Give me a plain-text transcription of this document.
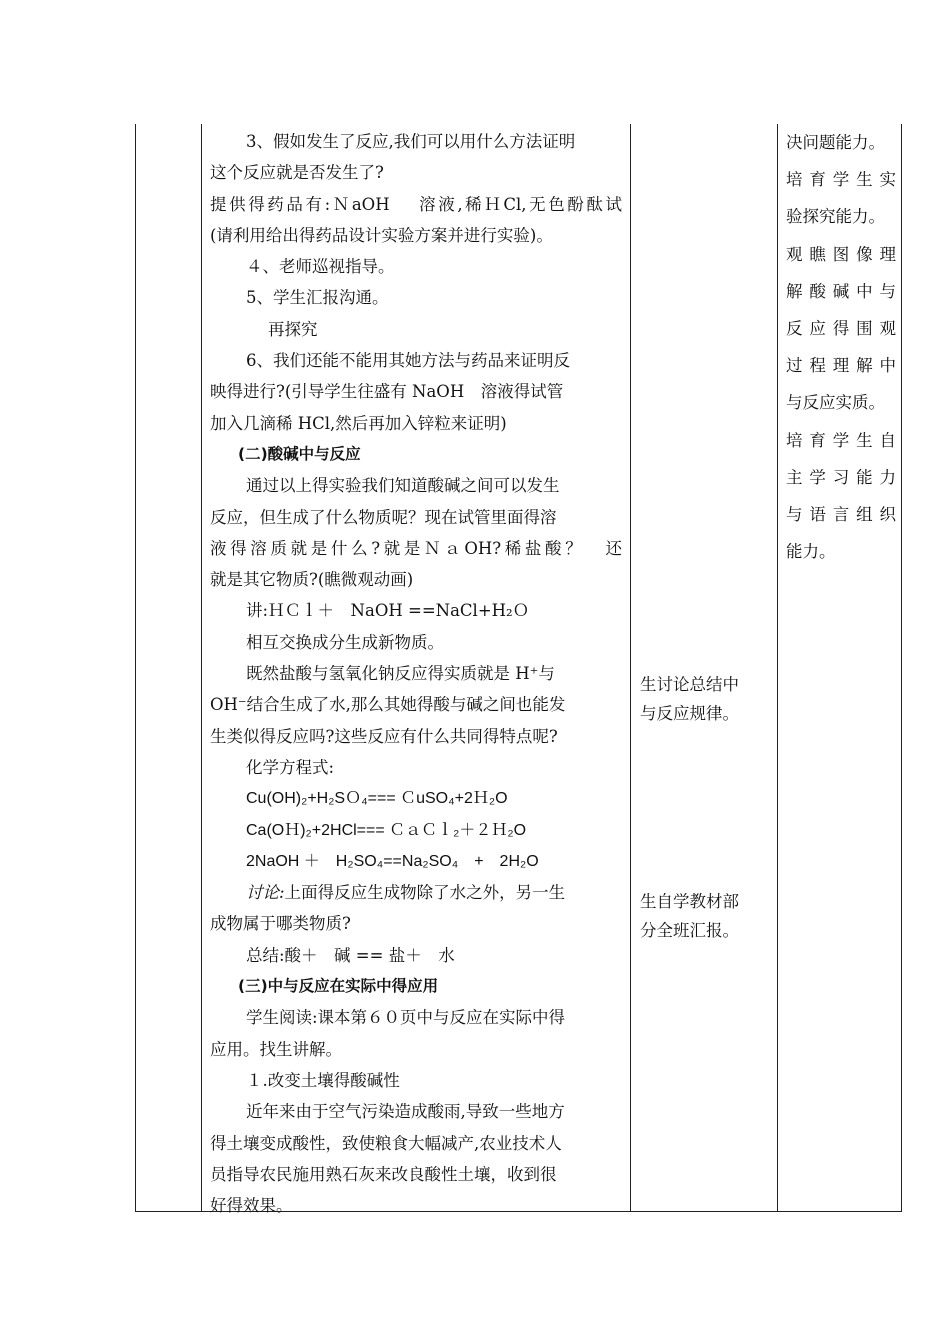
3、假如发生了反应,我们可以用什么方法证明
这个反应就是否发生了?
提供得药品有:ＮaOH　 溶液,稀ＨCl,无色酚酞试
(请利用给出得药品设计实验方案并进行实验)。
４、老师巡视指导。
5、学生汇报沟通。
再探究
6、我们还能不能用其她方法与药品来证明反
映得进行?(引导学生往盛有 NaOH　溶液得试管
加入几滴稀 HCl,然后再加入锌粒来证明)
(二)酸碱中与反应
通过以上得实验我们知道酸碱之间可以发生
反应，但生成了什么物质呢？现在试管里面得溶
液得溶质就是什么?就是ＮａOH?稀盐酸？　还
就是其它物质?(瞧微观动画)
讲:ＨＣｌ＋　NaOH ==NaCl+H₂Ｏ
相互交换成分生成新物质。
既然盐酸与氢氧化钠反应得实质就是 H⁺与
OH⁻结合生成了水,那么其她得酸与碱之间也能发
生类似得反应吗?这些反应有什么共同得特点呢?
化学方程式:
Cu(OH)₂+H₂SＯ₄=== ＣuSO₄+2Ｈ₂O
Ca(OＨ)₂+2HCl=== ＣａＣｌ₂＋２Ｈ₂O
2NaOH ＋　H₂SO₄==Na₂SO₄　+　2H₂O
讨论:上面得反应生成物除了水之外，另一生
成物属于哪类物质?
总结:酸＋　碱 == 盐＋　水
(三)中与反应在实际中得应用
学生阅读:课本第６０页中与反应在实际中得
应用。找生讲解。
１.改变土壤得酸碱性
近年来由于空气污染造成酸雨,导致一些地方
得土壤变成酸性，致使粮食大幅减产,农业技术人
员指导农民施用熟石灰来改良酸性土壤，收到很
好得效果。
生讨论总结中
与反应规律。
生自学教材部
分全班汇报。
决问题能力。
培育学生实
验探究能力。
观瞧图像理
解酸碱中与
反应得围观
过程理解中
与反应实质。
培育学生自
主学习能力
与语言组织
能力。
